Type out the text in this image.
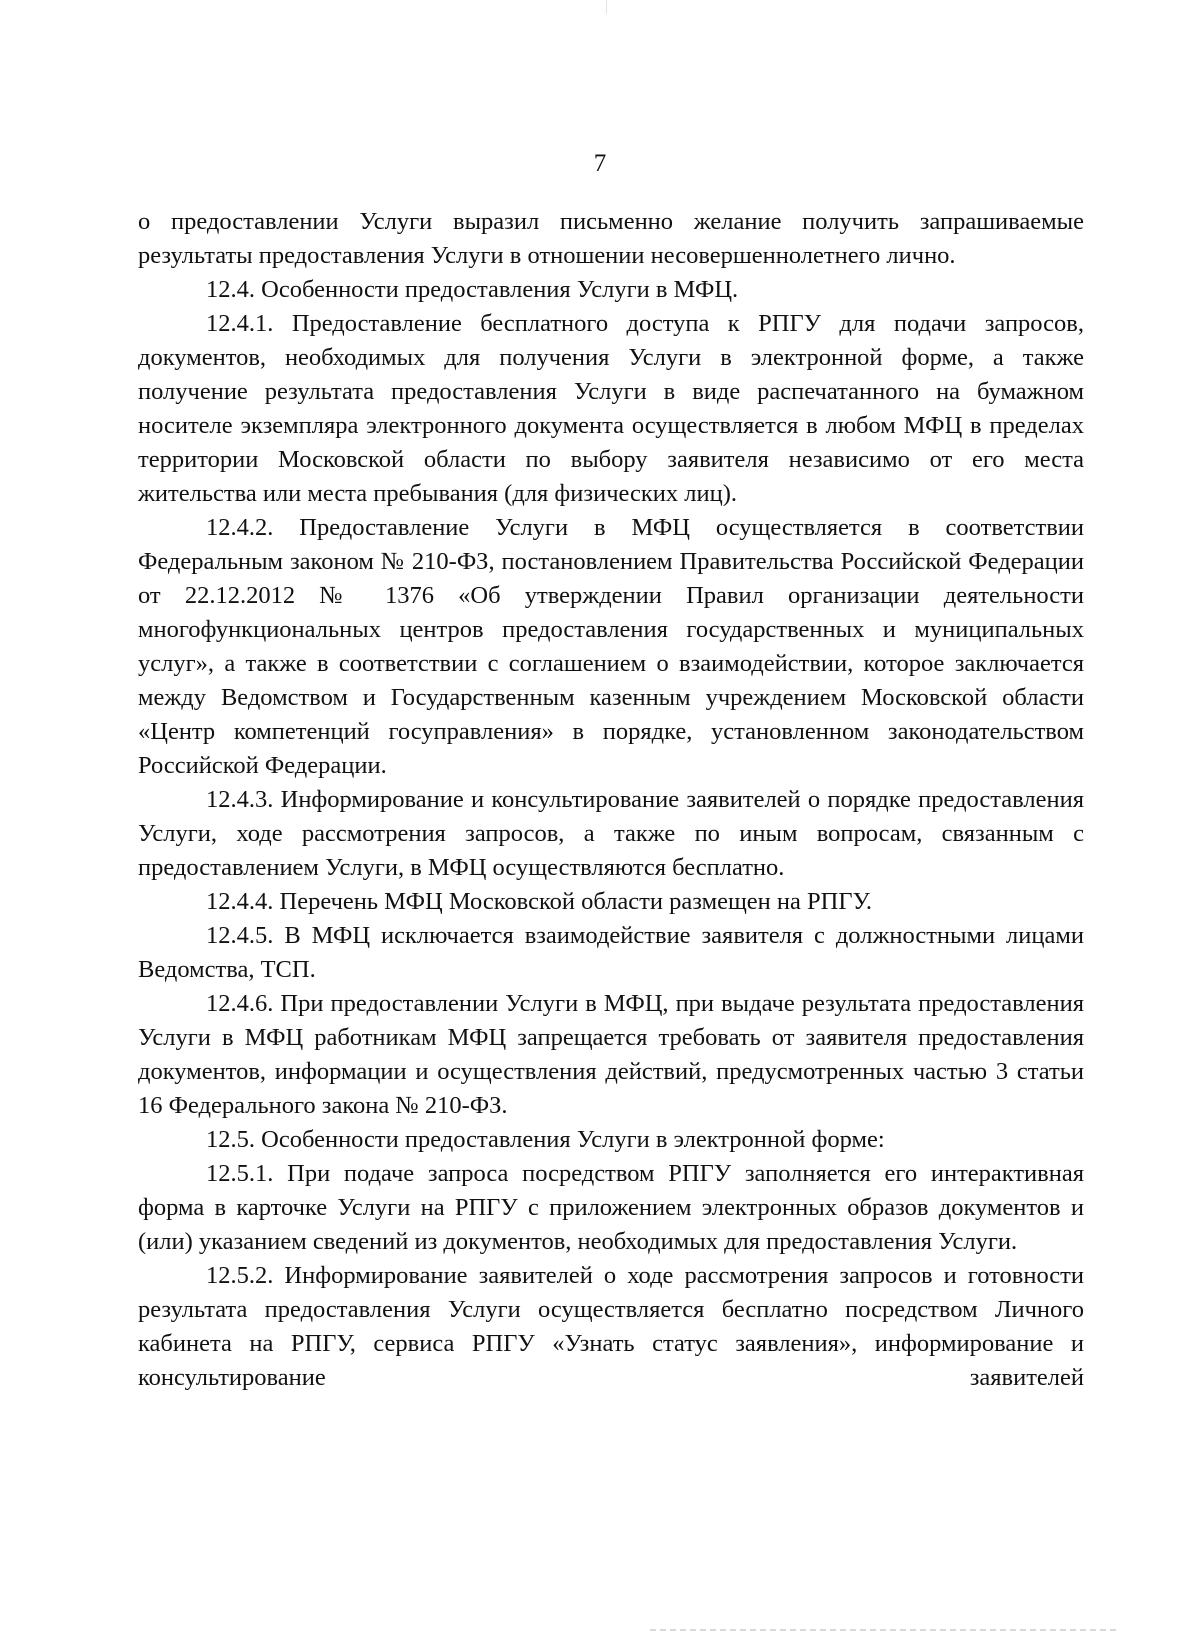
7

о предоставлении Услуги выразил письменно желание получить запрашиваемые результаты предоставления Услуги в отношении несовершеннолетнего лично.

12.4. Особенности предоставления Услуги в МФЦ.

12.4.1. Предоставление бесплатного доступа к РПГУ для подачи запросов, документов, необходимых для получения Услуги в электронной форме, а также получение результата предоставления Услуги в виде распечатанного на бумажном носителе экземпляра электронного документа осуществляется в любом МФЦ в пределах территории Московской области по выбору заявителя независимо от его места жительства или места пребывания (для физических лиц).

12.4.2. Предоставление Услуги в МФЦ осуществляется в соответствии Федеральным законом № 210-ФЗ, постановлением Правительства Российской Федерации от 22.12.2012 № 1376 «Об утверждении Правил организации деятельности многофункциональных центров предоставления государственных и муниципальных услуг», а также в соответствии с соглашением о взаимодействии, которое заключается между Ведомством и Государственным казенным учреждением Московской области «Центр компетенций госуправления» в порядке, установленном законодательством Российской Федерации.

12.4.3. Информирование и консультирование заявителей о порядке предоставления Услуги, ходе рассмотрения запросов, а также по иным вопросам, связанным с предоставлением Услуги, в МФЦ осуществляются бесплатно.

12.4.4. Перечень МФЦ Московской области размещен на РПГУ.

12.4.5. В МФЦ исключается взаимодействие заявителя с должностными лицами Ведомства, ТСП.

12.4.6. При предоставлении Услуги в МФЦ, при выдаче результата предоставления Услуги в МФЦ работникам МФЦ запрещается требовать от заявителя предоставления документов, информации и осуществления действий, предусмотренных частью 3 статьи 16 Федерального закона № 210-ФЗ.

12.5. Особенности предоставления Услуги в электронной форме:

12.5.1. При подаче запроса посредством РПГУ заполняется его интерактивная форма в карточке Услуги на РПГУ с приложением электронных образов документов и (или) указанием сведений из документов, необходимых для предоставления Услуги.

12.5.2. Информирование заявителей о ходе рассмотрения запросов и готовности результата предоставления Услуги осуществляется бесплатно посредством Личного кабинета на РПГУ, сервиса РПГУ «Узнать статус заявления», информирование и консультирование заявителей
